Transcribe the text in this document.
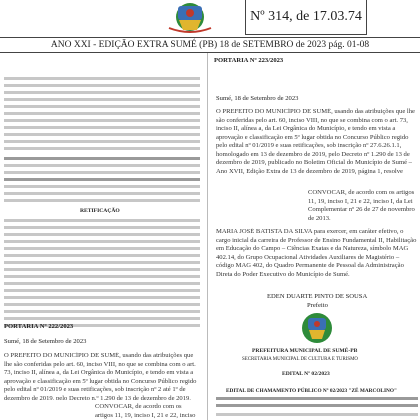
Nº 314, de 17.03.74
ANO XXI - EDIÇÃO EXTRA SUMÉ (PB) 18 de SETEMBRO de 2023 pág. 01-08
RETIFICAÇÃO
PORTARIA Nº 222/2023
Sumé, 18 de Setembro de 2023
O PREFEITO DO MUNICÍPIO DE SUMÉ, usando das atribuições que lhe são conferidas pelo art. 60, inciso VIII, no que se combina com o art. 73, inciso II, alínea a, da Lei Orgânica do Município, e tendo em vista a aprovação e classificação em 5º lugar obtida no Concurso Público regido pelo edital nº 01/2019 e suas retificações, sob inscrição nº 2 até 1º de dezembro de 2019, pelo Decreto n.º 1.290 de 13 de dezembro de 2019,
CONVOCAR, de acordo com os artigos 11, 19, inciso I, 21 e 22, inciso
PORTARIA Nº 223/2023
Sumé, 18 de Setembro de 2023
O PREFEITO DO MUNICÍPIO DE SUMÉ, usando das atribuições que lhe são conferidas pelo art. 60, inciso VIII, no que se combina com o art. 73, inciso II, alínea a, da Lei Orgânica do Município, e tendo em vista a aprovação e classificação em 5º lugar obtida no Concurso Público regido pelo edital nº 01/2019 e suas retificações, sob inscrição nº 27.6.26.1.1, homologado em 13 de dezembro de 2019, pelo Decreto nº 1.290 de 13 de dezembro de 2019, publicado no Boletim Oficial do Município de Sumé – Ano XVII, Edição Extra de 13 de dezembro de 2019, página 1, resolve
CONVOCAR, de acordo com os artigos 11, 19, inciso I, 21 e 22, inciso I, da Lei Complementar nº 26 de 27 de novembro de 2013.
MARIA JOSÉ BATISTA DA SILVA para exercer, em caráter efetivo, o cargo inicial da carreira de Professor de Ensino Fundamental II, Habilitação em Educação do Campo – Ciências Exatas e da Natureza, símbolo MAG 402.14, do Grupo Ocupacional Atividades Auxiliares de Magistério – código MAG 402, do Quadro Permanente de Pessoal da Administração Direta do Poder Executivo do Município de Sumé.
EDEN DUARTE PINTO DE SOUSA
Prefeito
PREFEITURA MUNICIPAL DE SUMÉ-PB
SECRETARIA MUNICIPAL DE CULTURA E TURISMO
EDITAL Nº 02/2023
EDITAL DE CHAMAMENTO PÚBLICO Nº 02/2023 "ZÉ MARCOLINO"
